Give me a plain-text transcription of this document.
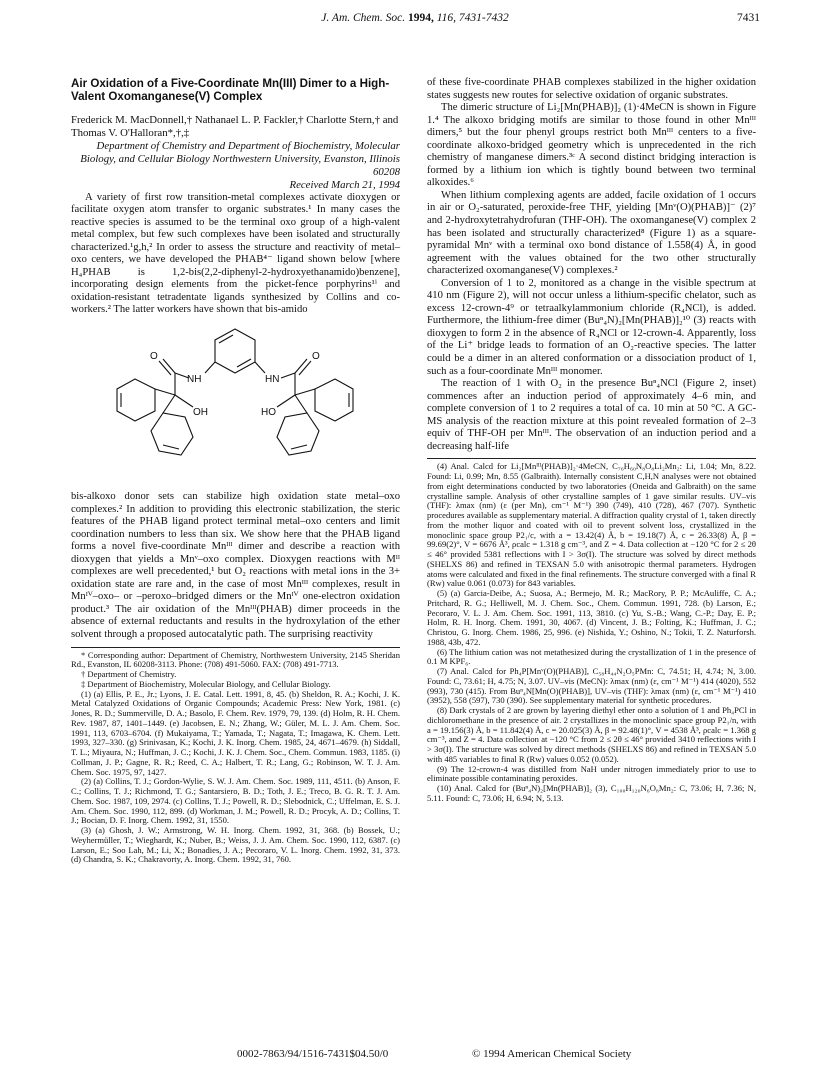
J. Am. Chem. Soc. 1994, 116, 7431-7432	7431
Air Oxidation of a Five-Coordinate Mn(III) Dimer to a High-Valent Oxomanganese(V) Complex

Frederick M. MacDonnell,† Nathanael L. P. Fackler,† Charlotte Stern,† and Thomas V. O'Halloran*,†,‡

Department of Chemistry and Department of Biochemistry, Molecular Biology, and Cellular Biology Northwestern University, Evanston, Illinois 60208

Received March 21, 1994

A variety of first row transition-metal complexes activate dioxygen or facilitate oxygen atom transfer to organic substrates.¹ In many cases the reactive species is assumed to be the terminal oxo group of a high-valent metal complex, but few such complexes have been isolated and structurally characterized.¹g,h,² In order to assess the structure and reactivity of metal–oxo centers, we have developed the PHAB⁴⁻ ligand shown below [where H₄PHAB is 1,2-bis(2,2-diphenyl-2-hydroxyethanamido)benzene], incorporating design elements from the picket-fence porphyrins¹ⁱ and oxidation-resistant tetradentate ligands synthesized by Collins and co-workers.² The latter workers have shown that bis-amido

O
NH	HN
O
OH	HO

bis-alkoxo donor sets can stabilize high oxidation state metal–oxo complexes.² In addition to providing this electronic stabilization, the steric features of the PHAB ligand protect terminal metal–oxo centers and limit coordination numbers to less than six. We show here that the PHAB ligand forms a novel five-coordinate Mnᴵᴵᴵ dimer and describe a reaction with dioxygen that yields a Mnᵛ–oxo complex. Dioxygen reactions with Mᴵᴵ complexes are well precedented,¹ but O₂ reactions with metal ions in the 3+ oxidation state are rare and, in the case of most Mnᴵᴵᴵ complexes, result in Mnᴵⱽ–oxo– or –peroxo–bridged dimers or the Mnᴵⱽ one-electron oxidation product.³ The air oxidation of the Mnᴵᴵᴵ(PHAB) dimer proceeds in the absence of external reductants and results in the hydroxylation of the ether solvent through a proposed autocatalytic path. The surprising reactivity

* Corresponding author: Department of Chemistry, Northwestern University, 2145 Sheridan Rd., Evanston, IL 60208-3113. Phone: (708) 491-5060. FAX: (708) 491-7713.

† Department of Chemistry.

‡ Department of Biochemistry, Molecular Biology, and Cellular Biology.

(1) (a) Ellis, P. E., Jr.; Lyons, J. E. Catal. Lett. 1991, 8, 45. (b) Sheldon, R. A.; Kochi, J. K. Metal Catalyzed Oxidations of Organic Compounds; Academic Press: New York, 1981. (c) Jones, R. D.; Summerville, D. A.; Basolo, F. Chem. Rev. 1979, 79, 139. (d) Holm, R. H. Chem. Rev. 1987, 87, 1401–1449. (e) Jacobsen, E. N.; Zhang, W.; Güler, M. L. J. Am. Chem. Soc. 1991, 113, 6703–6704. (f) Mukaiyama, T.; Yamada, T.; Nagata, T.; Imagawa, K. Chem. Lett. 1993, 327–330. (g) Srinivasan, K.; Kochi, J. K. Inorg. Chem. 1985, 24, 4671–4679. (h) Siddall, T. L.; Miyaura, N.; Huffman, J. C.; Kochi, J. K. J. Chem. Soc., Chem. Commun. 1983, 1185. (i) Collman, J. P.; Gagne, R. R.; Reed, C. A.; Halbert, T. R.; Lang, G.; Robinson, W. T. J. Am. Chem. Soc. 1975, 97, 1427.

(2) (a) Collins, T. J.; Gordon-Wylie, S. W. J. Am. Chem. Soc. 1989, 111, 4511. (b) Anson, F. C.; Collins, T. J.; Richmond, T. G.; Santarsiero, B. D.; Toth, J. E.; Treco, B. G. R. T. J. Am. Chem. Soc. 1987, 109, 2974. (c) Collins, T. J.; Powell, R. D.; Slebodnick, C.; Uffelman, E. S. J. Am. Chem. Soc. 1990, 112, 899. (d) Workman, J. M.; Powell, R. D.; Procyk, A. D.; Collins, T. J.; Bocian, D. F. Inorg. Chem. 1992, 31, 1550.

(3) (a) Ghosh, J. W.; Armstrong, W. H. Inorg. Chem. 1992, 31, 368. (b) Bossek, U.; Weyhermüller, T.; Wieghardt, K.; Nuber, B.; Weiss, J. J. Am. Chem. Soc. 1990, 112, 6387. (c) Larson, E.; Soo Lah, M.; Li, X.; Bonadies, J. A.; Pecoraro, V. L. Inorg. Chem. 1992, 31, 373. (d) Chandra, S. K.; Chakravorty, A. Inorg. Chem. 1992, 31, 760.

of these five-coordinate PHAB complexes stabilized in the higher oxidation states suggests new routes for selective oxidation of organic substrates.

The dimeric structure of Li₂[Mn(PHAB)]₂ (1)·4MeCN is shown in Figure 1.⁴ The alkoxo bridging motifs are similar to those found in other Mnᴵᴵᴵ dimers,⁵ but the four phenyl groups restrict both Mnᴵᴵᴵ centers to a five-coordinate alkoxo-bridged geometry which is unprecedented in the rich chemistry of manganese dimers.³ᶜ A second distinct bridging interaction is formed by a lithium ion which is tightly bound between two terminal alkoxides.⁶

When lithium complexing agents are added, facile oxidation of 1 occurs in air or O₂-saturated, peroxide-free THF, yielding [Mnᵛ(O)(PHAB)]⁻ (2)⁷ and 2-hydroxytetrahydrofuran (THF-OH). The oxomanganese(V) complex 2 has been isolated and structurally characterized⁸ (Figure 1) as a square-pyramidal Mnᵛ with a terminal oxo bond distance of 1.558(4) Å, in good agreement with the values obtained for the two other structurally characterized oxomanganese(V) complexes.²

Conversion of 1 to 2, monitored as a change in the visible spectrum at 410 nm (Figure 2), will not occur unless a lithium-specific chelator, such as excess 12-crown-4⁹ or tetraalkylammonium chloride (R₄NCl), is added. Furthermore, the lithium-free dimer (Buⁿ₄N)₂[Mn(PHAB)]₂¹⁰ (3) reacts with dioxygen to form 2 in the absence of R₄NCl or 12-crown-4. Apparently, loss of the Li⁺ bridge leads to formation of an O₂-reactive species. The latter could be a dimer in an altered conformation or a dissociation product of 1, such as a four-coordinate Mnᴵᴵᴵ monomer.

The reaction of 1 with O₂ in the presence Buⁿ₄NCl (Figure 2, inset) commences after an induction period of approximately 4–6 min, and complete conversion of 1 to 2 requires a total of ca. 10 min at 50 °C. A GC-MS analysis of the reaction mixture at this point revealed formation of 2–3 equiv of THF-OH per Mnᴵᴵᴵ. The observation of an induction period and a decreasing half-life

(4) Anal. Calcd for Li₂[Mnᴵᴵᴵ(PHAB)]₂·4MeCN, C₇₆H₆₀N₈O₈Li₂Mn₂: Li, 1.04; Mn, 8.22. Found: Li, 0.99; Mn, 8.55 (Galbraith). Internally consistent C,H,N analyses were not obtained from eight determinations conducted by two laboratories (Oneida and Galbraith) on the same crystalline sample. Analysis of other crystalline samples of 1 gave similar results. UV–vis (THF): λmax (nm) (ε (per Mn), cm⁻¹ M⁻¹) 390 (749), 410 (728), 467 (707). Synthetic procedures available as supplementary material. A diffraction quality crystal of 1, taken directly from the mother liquor and coated with oil to prevent solvent loss, crystallized in the monoclinic space group P2₁/c, with a = 13.42(4) Å, b = 19.18(7) Å, c = 26.33(8) Å, β = 99.69(2)°, V = 6676 Å³, ρcalc = 1.318 g cm⁻³, and Z = 4. Data collection at −120 °C for 2 ≤ 2θ ≤ 46° provided 5381 reflections with I > 3σ(I). The structure was solved by direct methods (SHELXS 86) and refined in TEXSAN 5.0 with anisotropic thermal parameters. Hydrogen atoms were calculated and fixed in the final refinements. The structure converged with a final R (Rw) value 0.061 (0.073) for 843 variables.

(5) (a) Garcia-Deibe, A.; Suosa, A.; Bermejo, M. R.; MacRory, P. P.; McAuliffe, C. A.; Pritchard, R. G.; Helliwell, M. J. Chem. Soc., Chem. Commun. 1991, 728. (b) Larson, E.; Pecoraro, V. L. J. Am. Chem. Soc. 1991, 113, 3810. (c) Yu, S.-B.; Wang, C.-P.; Day, E. P.; Holm, R. H. Inorg. Chem. 1991, 30, 4067. (d) Vincent, J. B.; Folting, K.; Huffman, J. C.; Christou, G. Inorg. Chem. 1986, 25, 996. (e) Nishida, Y.; Oshino, N.; Tokii, T. Z. Naturforsh. 1988, 43b, 472.

(6) The lithium cation was not metathesized during the crystallization of 1 in the presence of 0.1 M KPF₆.

(7) Anal. Calcd for Ph₄P[Mnᵛ(O)(PHAB)], C₅₈H₄₄N₂O₅PMn: C, 74.51; H, 4.74; N, 3.00. Found: C, 73.61; H, 4.75; N, 3.07. UV–vis (MeCN): λmax (nm) (ε, cm⁻¹ M⁻¹) 414 (4020), 552 (993), 730 (415). From Buⁿ₄N[Mn(O)(PHAB)], UV–vis (THF): λmax (nm) (ε, cm⁻¹ M⁻¹) 410 (3952), 558 (597), 730 (390). See supplementary material for synthetic procedures.

(8) Dark crystals of 2 are grown by layering diethyl ether onto a solution of 1 and Ph₄PCl in dichloromethane in the presence of air. 2 crystallizes in the monoclinic space group P2₁/n, with a = 19.156(3) Å, b = 11.842(4) Å, c = 20.025(3) Å, β = 92.48(1)°, V = 4538 Å³, ρcalc = 1.368 g cm⁻³, and Z = 4. Data collection at −120 °C from 2 ≤ 2θ ≤ 46° provided 3410 reflections with I > 3σ(I). The structure was solved by direct methods (SHELXS 86) and refined in TEXSAN 5.0 with 485 variables to final R (Rw) values 0.052 (0.052).

(9) The 12-crown-4 was distilled from NaH under nitrogen immediately prior to use to eliminate possible contaminating peroxides.

(10) Anal. Calcd for (Buⁿ₄N)₂[Mn(PHAB)]₂ (3), C₁₀₀H₁₂₀N₆O₈Mn₂: C, 73.06; H, 7.36; N, 5.11. Found: C, 73.06; H, 6.94; N, 5.13.

0002-7863/94/1516-7431$04.50/0	© 1994 American Chemical Society
